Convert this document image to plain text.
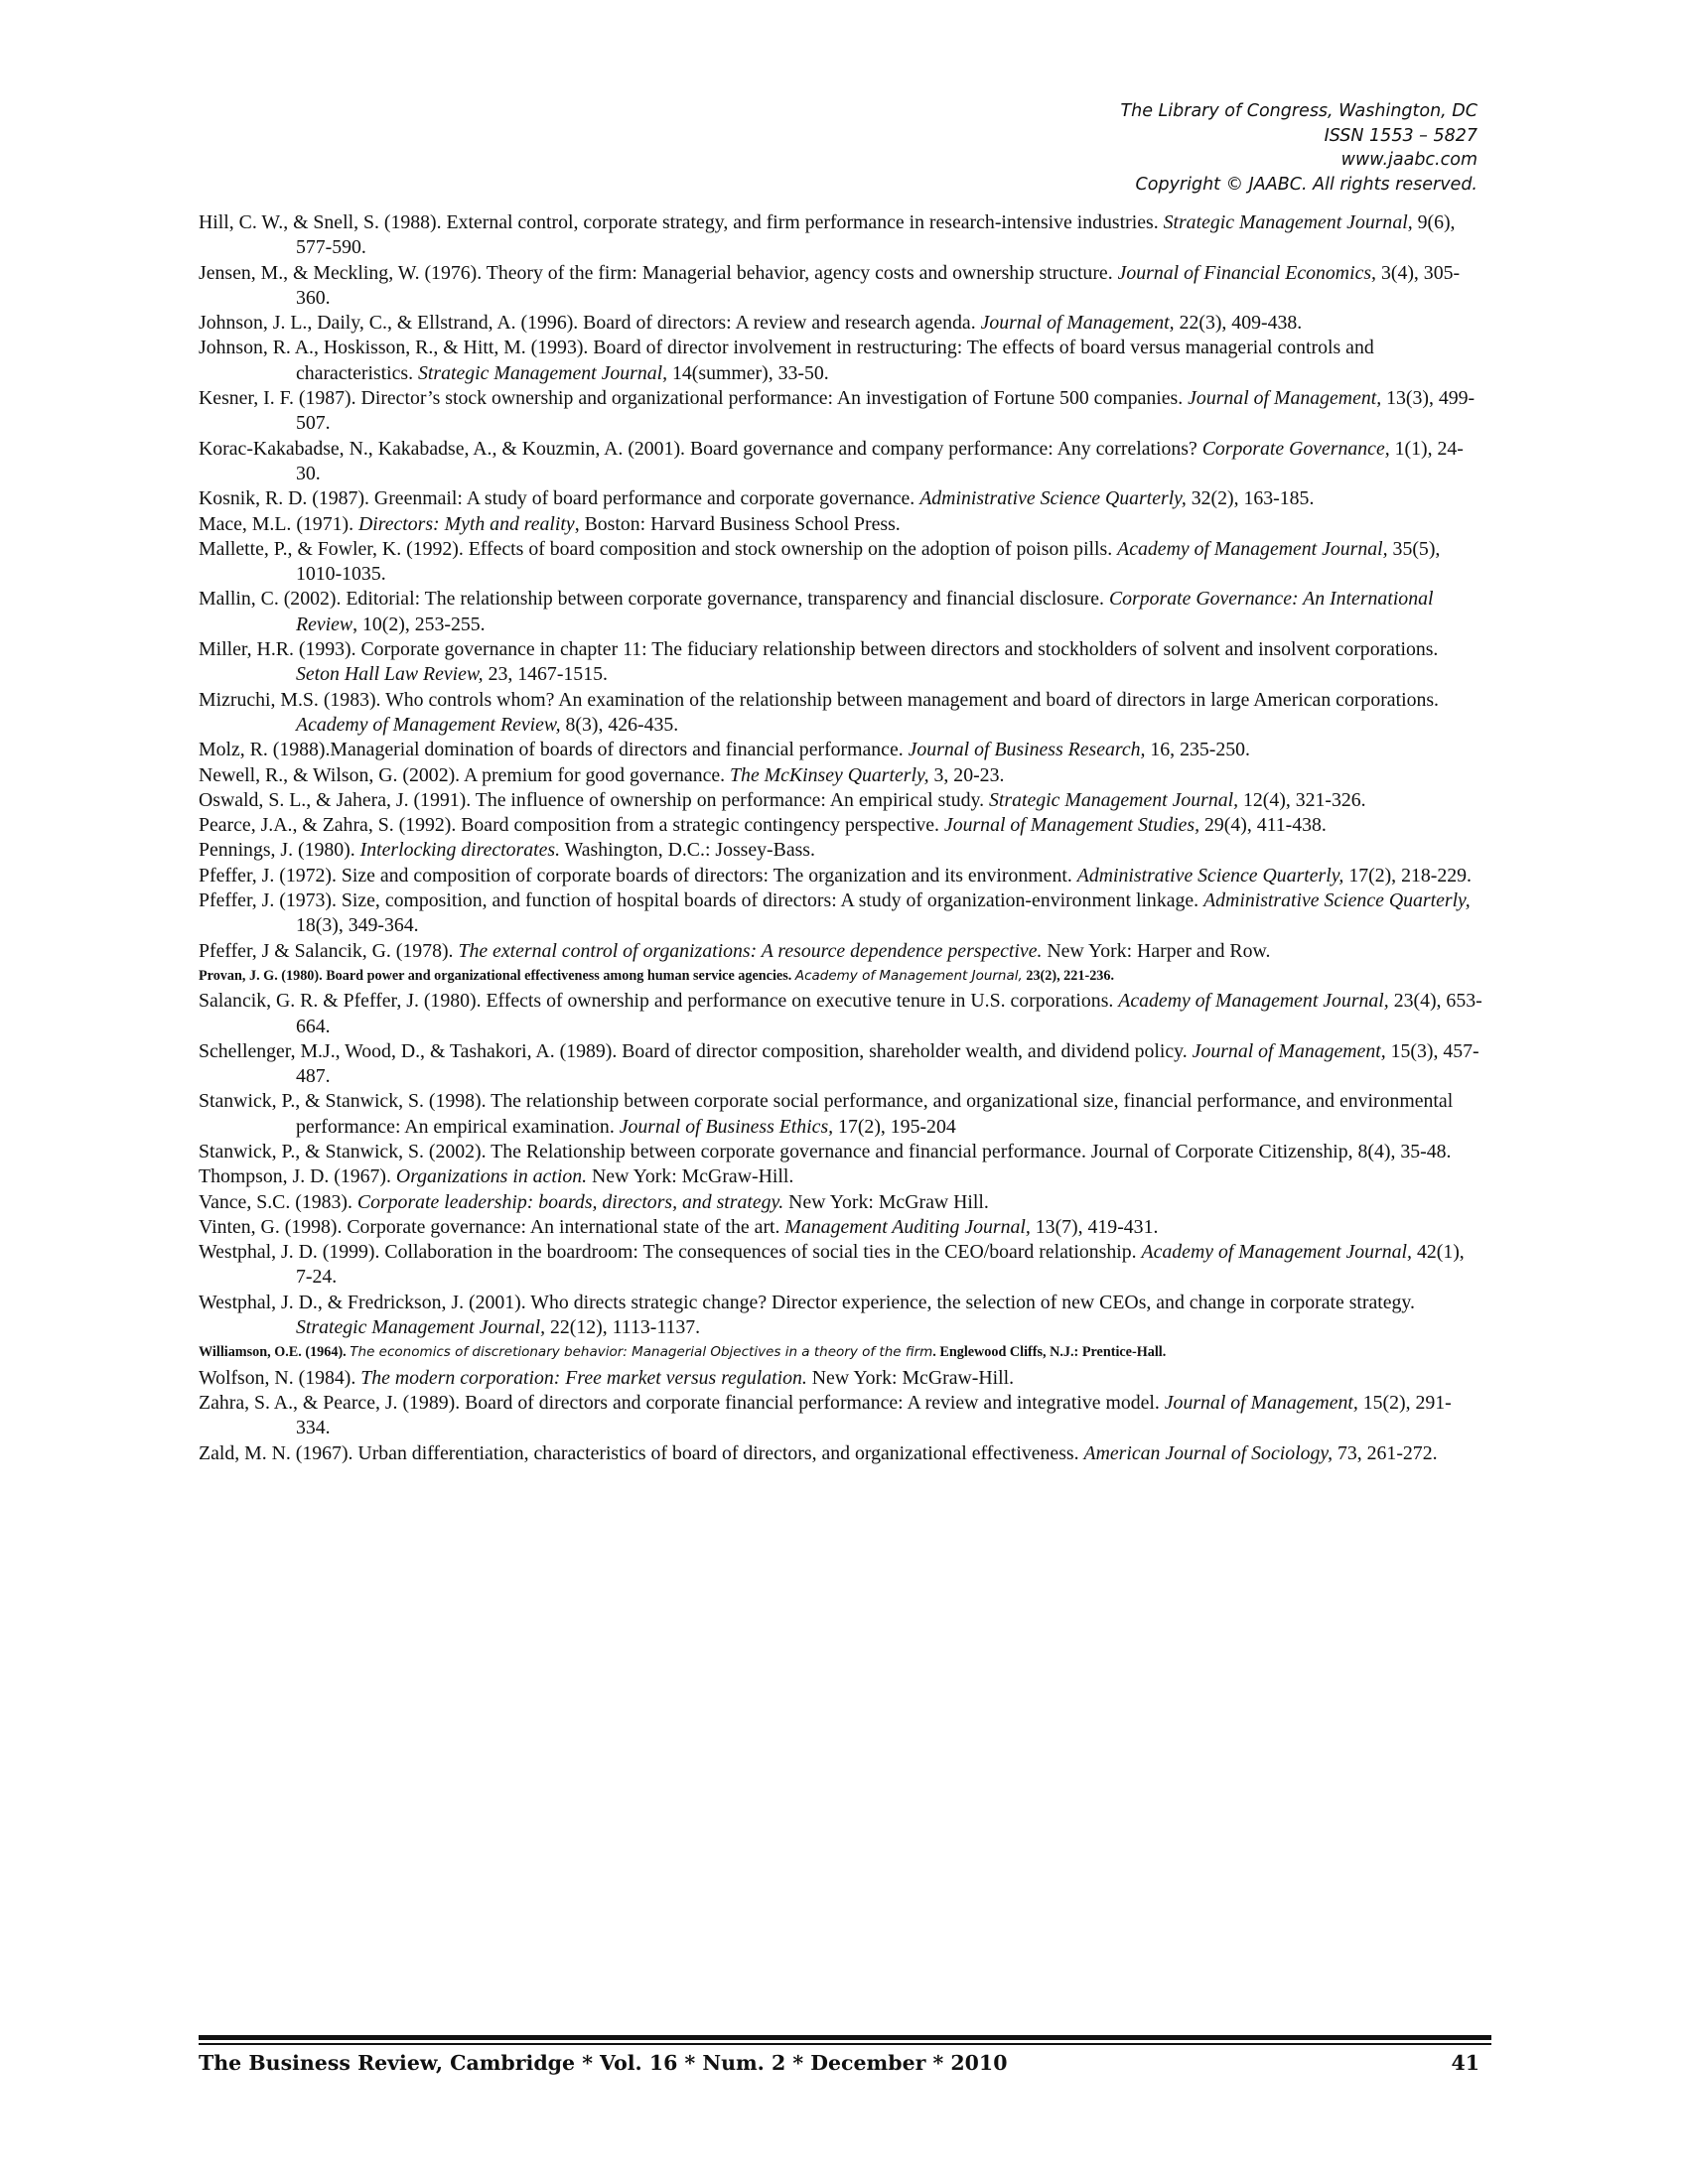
The Library of Congress, Washington, DC
ISSN 1553 – 5827
www.jaabc.com
Copyright © JAABC. All rights reserved.

Hill, C. W., & Snell, S. (1988). External control, corporate strategy, and firm performance in research-intensive industries. Strategic Management Journal, 9(6), 577-590.

Jensen, M., & Meckling, W. (1976). Theory of the firm: Managerial behavior, agency costs and ownership structure. Journal of Financial Economics, 3(4), 305-360.

Johnson, J. L., Daily, C., & Ellstrand, A. (1996). Board of directors: A review and research agenda. Journal of Management, 22(3), 409-438.

Johnson, R. A., Hoskisson, R., & Hitt, M. (1993). Board of director involvement in restructuring: The effects of board versus managerial controls and characteristics. Strategic Management Journal, 14(summer), 33-50.

Kesner, I. F. (1987). Director’s stock ownership and organizational performance: An investigation of Fortune 500 companies. Journal of Management, 13(3), 499-507.

Korac-Kakabadse, N., Kakabadse, A., & Kouzmin, A. (2001). Board governance and company performance: Any correlations? Corporate Governance, 1(1), 24-30.

Kosnik, R. D. (1987). Greenmail: A study of board performance and corporate governance. Administrative Science Quarterly, 32(2), 163-185.

Mace, M.L. (1971). Directors: Myth and reality, Boston: Harvard Business School Press.

Mallette, P., & Fowler, K. (1992). Effects of board composition and stock ownership on the adoption of poison pills. Academy of Management Journal, 35(5), 1010-1035.

Mallin, C. (2002). Editorial: The relationship between corporate governance, transparency and financial disclosure. Corporate Governance: An International Review, 10(2), 253-255.

Miller, H.R. (1993). Corporate governance in chapter 11: The fiduciary relationship between directors and stockholders of solvent and insolvent corporations. Seton Hall Law Review, 23, 1467-1515.

Mizruchi, M.S. (1983). Who controls whom? An examination of the relationship between management and board of directors in large American corporations. Academy of Management Review, 8(3), 426-435.

Molz, R. (1988).Managerial domination of boards of directors and financial performance. Journal of Business Research, 16, 235-250.

Newell, R., & Wilson, G. (2002). A premium for good governance. The McKinsey Quarterly, 3, 20-23.

Oswald, S. L., & Jahera, J. (1991). The influence of ownership on performance: An empirical study. Strategic Management Journal, 12(4), 321-326.

Pearce, J.A., & Zahra, S. (1992). Board composition from a strategic contingency perspective. Journal of Management Studies, 29(4), 411-438.

Pennings, J. (1980). Interlocking directorates. Washington, D.C.: Jossey-Bass.

Pfeffer, J. (1972). Size and composition of corporate boards of directors: The organization and its environment. Administrative Science Quarterly, 17(2), 218-229.

Pfeffer, J. (1973). Size, composition, and function of hospital boards of directors: A study of organization-environment linkage. Administrative Science Quarterly, 18(3), 349-364.

Pfeffer, J & Salancik, G. (1978). The external control of organizations: A resource dependence perspective. New York: Harper and Row.

Provan, J. G. (1980). Board power and organizational effectiveness among human service agencies. Academy of Management Journal, 23(2), 221-236.

Salancik, G. R. & Pfeffer, J. (1980). Effects of ownership and performance on executive tenure in U.S. corporations. Academy of Management Journal, 23(4), 653-664.

Schellenger, M.J., Wood, D., & Tashakori, A. (1989). Board of director composition, shareholder wealth, and dividend policy. Journal of Management, 15(3), 457-487.

Stanwick, P., & Stanwick, S. (1998). The relationship between corporate social performance, and organizational size, financial performance, and environmental performance: An empirical examination. Journal of Business Ethics, 17(2), 195-204

Stanwick, P., & Stanwick, S. (2002). The Relationship between corporate governance and financial performance. Journal of Corporate Citizenship, 8(4), 35-48.

Thompson, J. D. (1967). Organizations in action. New York: McGraw-Hill.

Vance, S.C. (1983). Corporate leadership: boards, directors, and strategy. New York: McGraw Hill.

Vinten, G. (1998). Corporate governance: An international state of the art. Management Auditing Journal, 13(7), 419-431.

Westphal, J. D. (1999). Collaboration in the boardroom: The consequences of social ties in the CEO/board relationship. Academy of Management Journal, 42(1), 7-24.

Westphal, J. D., & Fredrickson, J. (2001). Who directs strategic change? Director experience, the selection of new CEOs, and change in corporate strategy. Strategic Management Journal, 22(12), 1113-1137.

Williamson, O.E. (1964). The economics of discretionary behavior: Managerial Objectives in a theory of the firm. Englewood Cliffs, N.J.: Prentice-Hall.

Wolfson, N. (1984). The modern corporation: Free market versus regulation. New York: McGraw-Hill.

Zahra, S. A., & Pearce, J. (1989). Board of directors and corporate financial performance: A review and integrative model. Journal of Management, 15(2), 291-334.

Zald, M. N. (1967). Urban differentiation, characteristics of board of directors, and organizational effectiveness. American Journal of Sociology, 73, 261-272.

The Business Review, Cambridge * Vol. 16 * Num. 2 * December * 2010	41
